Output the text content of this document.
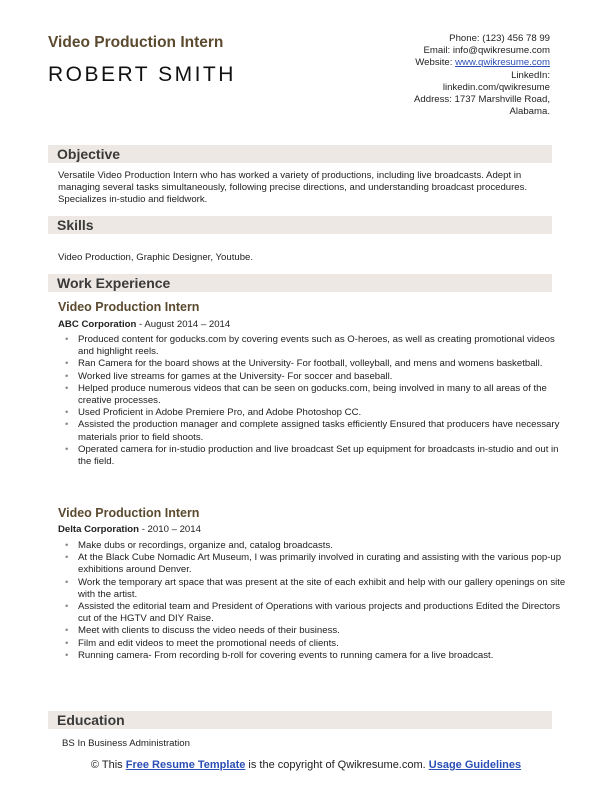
Video Production Intern
ROBERT SMITH
Phone: (123) 456 78 99
Email: info@qwikresume.com
Website: www.qwikresume.com
LinkedIn:
linkedin.com/qwikresume
Address: 1737 Marshville Road,
Alabama.
Objective
Versatile Video Production Intern who has worked a variety of productions, including live broadcasts. Adept in managing several tasks simultaneously, following precise directions, and understanding broadcast procedures. Specializes in-studio and fieldwork.
Skills
Video Production, Graphic Designer, Youtube.
Work Experience
Video Production Intern
ABC Corporation - August 2014 – 2014
• Produced content for goducks.com by covering events such as O-heroes, as well as creating promotional videos and highlight reels.
• Ran Camera for the board shows at the University- For football, volleyball, and mens and womens basketball.
• Worked live streams for games at the University- For soccer and baseball.
• Helped produce numerous videos that can be seen on goducks.com, being involved in many to all areas of the creative processes.
• Used Proficient in Adobe Premiere Pro, and Adobe Photoshop CC.
• Assisted the production manager and complete assigned tasks efficiently Ensured that producers have necessary materials prior to field shoots.
• Operated camera for in-studio production and live broadcast Set up equipment for broadcasts in-studio and out in the field.
Video Production Intern
Delta Corporation - 2010 – 2014
• Make dubs or recordings, organize and, catalog broadcasts.
• At the Black Cube Nomadic Art Museum, I was primarily involved in curating and assisting with the various pop-up exhibitions around Denver.
• Work the temporary art space that was present at the site of each exhibit and help with our gallery openings on site with the artist.
• Assisted the editorial team and President of Operations with various projects and productions Edited the Directors cut of the HGTV and DIY Raise.
• Meet with clients to discuss the video needs of their business.
• Film and edit videos to meet the promotional needs of clients.
• Running camera- From recording b-roll for covering events to running camera for a live broadcast.
Education
BS In Business Administration
© This Free Resume Template is the copyright of Qwikresume.com. Usage Guidelines
